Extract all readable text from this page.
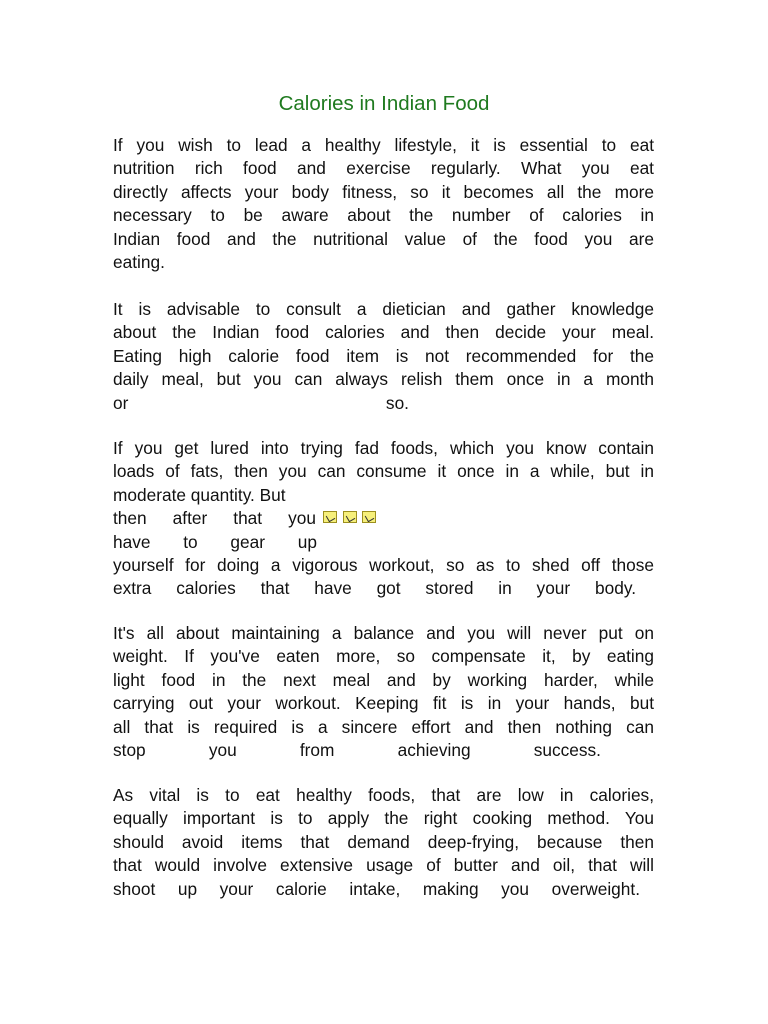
Calories in Indian Food
If you wish to lead a healthy lifestyle, it is essential to eat
nutrition rich food and exercise regularly. What you eat
directly affects your body fitness, so it becomes all the more
necessary to be aware about the number of calories in
Indian food and the nutritional value of the food you are
eating.
It is advisable to consult a dietician and gather knowledge
about the Indian food calories and then decide your meal.
Eating high calorie food item is not recommended for the
daily meal, but you can always relish them once in a month
or so.
If you get lured into trying fad foods, which you know contain
loads of fats, then you can consume it once in a while, but in
moderate quantity. But
then after that you
have to gear up
yourself for doing a vigorous workout, so as to shed off those
extra calories that have got stored in your body.
It's all about maintaining a balance and you will never put on
weight. If you've eaten more, so compensate it, by eating
light food in the next meal and by working harder, while
carrying out your workout. Keeping fit is in your hands, but
all that is required is a sincere effort and then nothing can
stop you from achieving success.
As vital is to eat healthy foods, that are low in calories,
equally important is to apply the right cooking method. You
should avoid items that demand deep-frying, because then
that would involve extensive usage of butter and oil, that will
shoot up your calorie intake, making you overweight.
